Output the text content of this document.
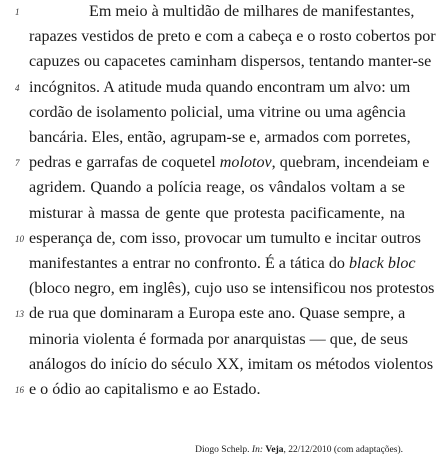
1	Em meio à multidão de milhares de manifestantes,
rapazes vestidos de preto e com a cabeça e o rosto cobertos por
capuzes ou capacetes caminham dispersos, tentando manter-se
4 incógnitos. A atitude muda quando encontram um alvo: um
cordão de isolamento policial, uma vitrine ou uma agência
bancária. Eles, então, agrupam-se e, armados com porretes,
7 pedras e garrafas de coquetel molotov, quebram, incendeiam e
agridem. Quando a polícia reage, os vândalos voltam a se
misturar à massa de gente que protesta pacificamente, na
10 esperança de, com isso, provocar um tumulto e incitar outros
manifestantes a entrar no confronto. É a tática do black bloc
(bloco negro, em inglês), cujo uso se intensificou nos protestos
13 de rua que dominaram a Europa este ano. Quase sempre, a
minoria violenta é formada por anarquistas — que, de seus
análogos do início do século XX, imitam os métodos violentos
16 e o ódio ao capitalismo e ao Estado.
Diogo Schelp. In: Veja, 22/12/2010 (com adaptações).
